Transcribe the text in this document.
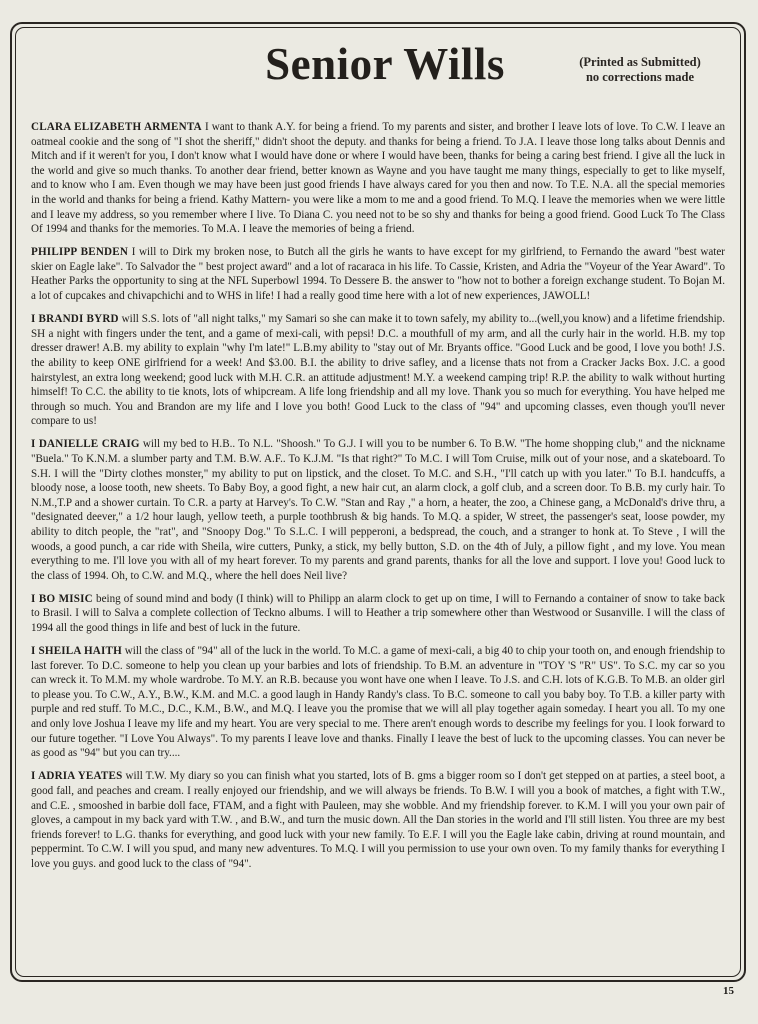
Senior Wills	(Printed as Submitted)
no corrections made

CLARA ELIZABETH ARMENTA I want to thank A.Y. for being a friend. To my parents and sister, and brother I leave lots of love. To C.W. I leave an oatmeal cookie and the song of "I shot the sheriff," didn't shoot the deputy. and thanks for being a friend. To J.A. I leave those long talks about Dennis and Mitch and if it weren't for you, I don't know what I would have done or where I would have been, thanks for being a caring best friend. I give all the luck in the world and give so much thanks. To another dear friend, better known as Wayne and you have taught me many things, especially to get to like myself, and to know who I am. Even though we may have been just good friends I have always cared for you then and now. To T.E. N.A. all the special memories in the world and thanks for being a friend. Kathy Mattern- you were like a mom to me and a good friend. To M.Q. I leave the memories when we were little and I leave my address, so you remember where I live. To Diana C. you need not to be so shy and thanks for being a good friend. Good Luck To The Class Of 1994 and thanks for the memories. To M.A. I leave the memories of being a friend.

PHILIPP BENDEN I will to Dirk my broken nose, to Butch all the girls he wants to have except for my girlfriend, to Fernando the award "best water skier on Eagle lake". To Salvador the " best project award" and a lot of racaraca in his life. To Cassie, Kristen, and Adria the "Voyeur of the Year Award". To Heather Parks the opportunity to sing at the NFL Superbowl 1994. To Dessere B. the answer to "how not to bother a foreign exchange student. To Bojan M. a lot of cupcakes and chivapchichi and to WHS in life! I had a really good time here with a lot of new experiences, JAWOLL!

I BRANDI BYRD will S.S. lots of "all night talks," my Samari so she can make it to town safely, my ability to...(well,you know) and a lifetime friendship. SH a night with fingers under the tent, and a game of mexi-cali, with pepsi! D.C. a mouthfull of my arm, and all the curly hair in the world. H.B. my top dresser drawer! A.B. my ability to explain "why I'm late!" L.B.my ability to "stay out of Mr. Bryants office. "Good Luck and be good, I love you both! J.S. the ability to keep ONE girlfriend for a week! And $3.00. B.I. the ability to drive safley, and a license thats not from a Cracker Jacks Box. J.C. a good hairstylest, an extra long weekend; good luck with M.H. C.R. an attitude adjustment! M.Y. a weekend camping trip! R.P. the ability to walk without hurting himself! To C.C. the ability to tie knots, lots of whipcream. A life long friendship and all my love. Thank you so much for everything. You have helped me through so much. You and Brandon are my life and I love you both! Good Luck to the class of "94" and upcoming classes, even though you'll never compare to us!

I DANIELLE CRAIG will my bed to H.B.. To N.L. "Shoosh." To G.J. I will you to be number 6. To B.W. "The home shopping club," and the nickname "Buela." To K.N.M. a slumber party and T.M. B.W. A.F.. To K.J.M. "Is that right?" To M.C. I will Tom Cruise, milk out of your nose, and a skateboard. To S.H. I will the "Dirty clothes monster," my ability to put on lipstick, and the closet. To M.C. and S.H., "I'll catch up with you later." To B.I. handcuffs, a bloody nose, a loose tooth, new sheets. To Baby Boy, a good fight, a new hair cut, an alarm clock, a golf club, and a screen door. To B.B. my curly hair. To N.M.,T.P and a shower curtain. To C.R. a party at Harvey's. To C.W. "Stan and Ray ," a horn, a heater, the zoo, a Chinese gang, a McDonald's drive thru, a "designated deever," a 1/2 hour laugh, yellow teeth, a purple toothbrush & big hands. To M.Q. a spider, W street, the passenger's seat, loose powder, my ability to ditch people, the "rat", and "Snoopy Dog." To S.L.C. I will pepperoni, a bedspread, the couch, and a stranger to honk at. To Steve , I will the woods, a good punch, a car ride with Sheila, wire cutters, Punky, a stick, my belly button, S.D. on the 4th of July, a pillow fight , and my love. You mean everything to me. I'll love you with all of my heart forever. To my parents and grand parents, thanks for all the love and support. I love you! Good luck to the class of 1994. Oh, to C.W. and M.Q., where the hell does Neil live?

I BO MISIC being of sound mind and body (I think) will to Philipp an alarm clock to get up on time, I will to Fernando a container of snow to take back to Brasil. I will to Salva a complete collection of Teckno albums. I will to Heather a trip somewhere other than Westwood or Susanville. I will the class of 1994 all the good things in life and best of luck in the future.

I SHEILA HAITH will the class of "94" all of the luck in the world. To M.C. a game of mexi-cali, a big 40 to chip your tooth on, and enough friendship to last forever. To D.C. someone to help you clean up your barbies and lots of friendship. To B.M. an adventure in "TOY 'S "R" US". To S.C. my car so you can wreck it. To M.M. my whole wardrobe. To M.Y. an R.B. because you wont have one when I leave. To J.S. and C.H. lots of K.G.B. To M.B. an older girl to please you. To C.W., A.Y., B.W., K.M. and M.C. a good laugh in Handy Randy's class. To B.C. someone to call you baby boy. To T.B. a killer party with purple and red stuff. To M.C., D.C., K.M., B.W., and M.Q. I leave you the promise that we will all play together again someday. I heart you all. To my one and only love Joshua I leave my life and my heart. You are very special to me. There aren't enough words to describe my feelings for you. I look forward to our future together. "I Love You Always". To my parents I leave love and thanks. Finally I leave the best of luck to the upcoming classes. You can never be as good as "94" but you can try....

I ADRIA YEATES will T.W. My diary so you can finish what you started, lots of B. gms a bigger room so I don't get stepped on at parties, a steel boot, a good fall, and peaches and cream. I really enjoyed our friendship, and we will always be friends. To B.W. I will you a book of matches, a fight with T.W., and C.E. , smooshed in barbie doll face, FTAM, and a fight with Pauleen, may she wobble. And my friendship forever. to K.M. I will you your own pair of gloves, a campout in my back yard with T.W. , and B.W., and turn the music down. All the Dan stories in the world and I'll still listen. You three are my best friends forever! to L.G. thanks for everything, and good luck with your new family. To E.F. I will you the Eagle lake cabin, driving at round mountain, and peppermint. To C.W. I will you spud, and many new adventures. To M.Q. I will you permission to use your own oven. To my family thanks for everything I love you guys. and good luck to the class of "94".

15
